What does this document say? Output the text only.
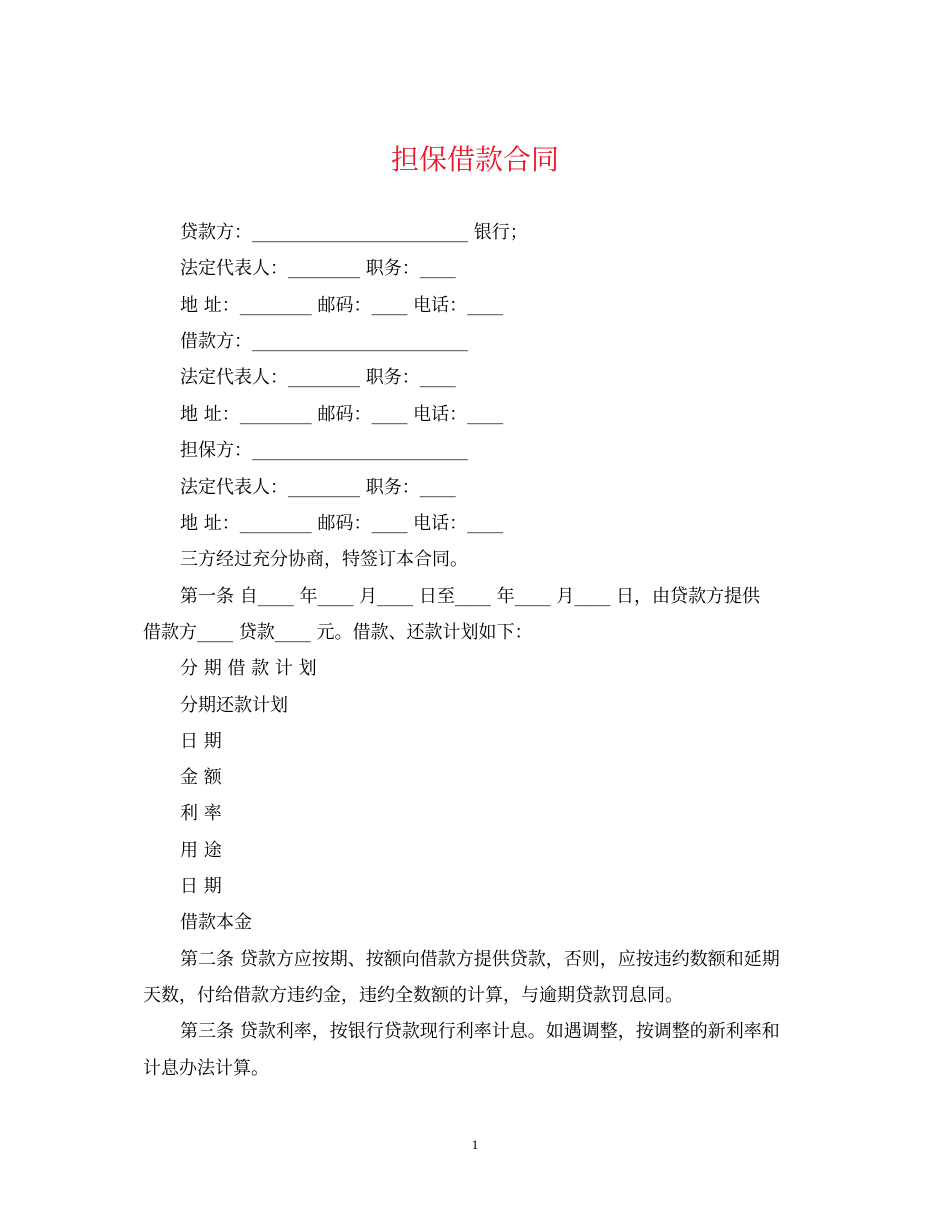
担保借款合同
贷款方：________________________ 银行；
法定代表人：________ 职务：____
地 址：________ 邮码：____ 电话：____
借款方：________________________
法定代表人：________ 职务：____
地 址：________ 邮码：____ 电话：____
担保方：________________________
法定代表人：________ 职务：____
地 址：________ 邮码：____ 电话：____
三方经过充分协商，特签订本合同。
第一条 自____ 年____ 月____ 日至____ 年____ 月____ 日，由贷款方提供
借款方____ 贷款____ 元。借款、还款计划如下：
分 期 借 款 计 划
分期还款计划
日 期
金 额
利 率
用 途
日 期
借款本金
第二条 贷款方应按期、按额向借款方提供贷款，否则，应按违约数额和延期
天数，付给借款方违约金，违约全数额的计算，与逾期贷款罚息同。
第三条 贷款利率，按银行贷款现行利率计息。如遇调整，按调整的新利率和
计息办法计算。
1
